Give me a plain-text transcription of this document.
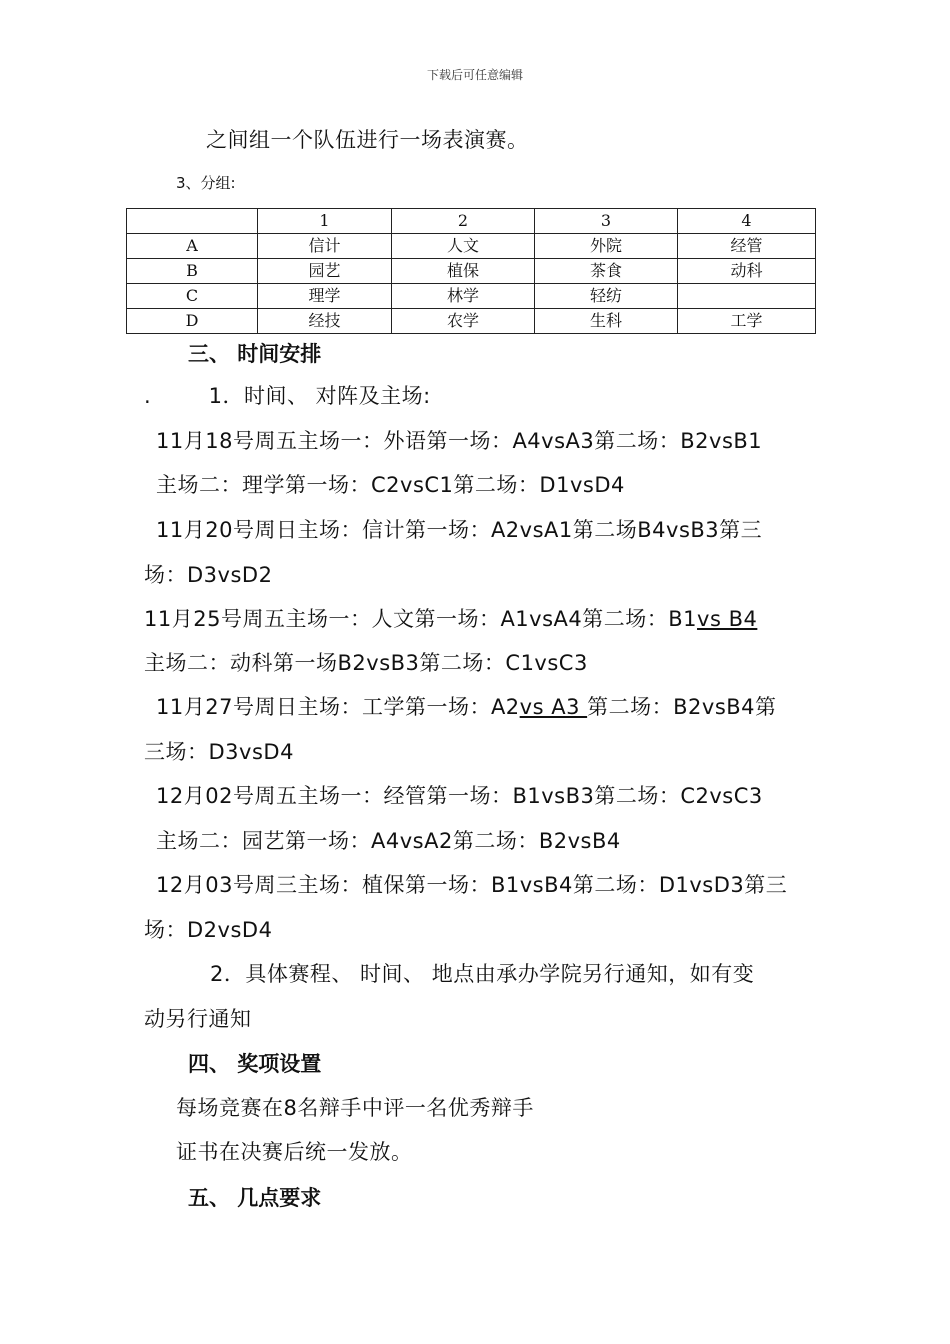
下载后可任意编辑
之间组一个队伍进行一场表演赛。
3、分组:
	1	2	3	4
A	信计	人文	外院	经管
B	园艺	植保	茶食	动科
C	理学	林学	轻纺	
D	经技	农学	生科	工学
三、 时间安排
.        1．时间、 对阵及主场:
11月18号周五主场一：外语第一场：A4vsA3第二场：B2vsB1
主场二：理学第一场：C2vsC1第二场：D1vsD4
11月20号周日主场：信计第一场：A2vsA1第二场B4vsB3第三
场：D3vsD2
11月25号周五主场一：人文第一场：A1vsA4第二场：B1vs B4
主场二：动科第一场B2vsB3第二场：C1vsC3
11月27号周日主场：工学第一场：A2vs A3 第二场：B2vsB4第
三场：D3vsD4
12月02号周五主场一：经管第一场：B1vsB3第二场：C2vsC3
主场二：园艺第一场：A4vsA2第二场：B2vsB4
12月03号周三主场：植保第一场：B1vsB4第二场：D1vsD3第三
场：D2vsD4
2．具体赛程、 时间、 地点由承办学院另行通知，如有变
动另行通知
四、 奖项设置
每场竞赛在8名辩手中评一名优秀辩手
证书在决赛后统一发放。
五、 几点要求
